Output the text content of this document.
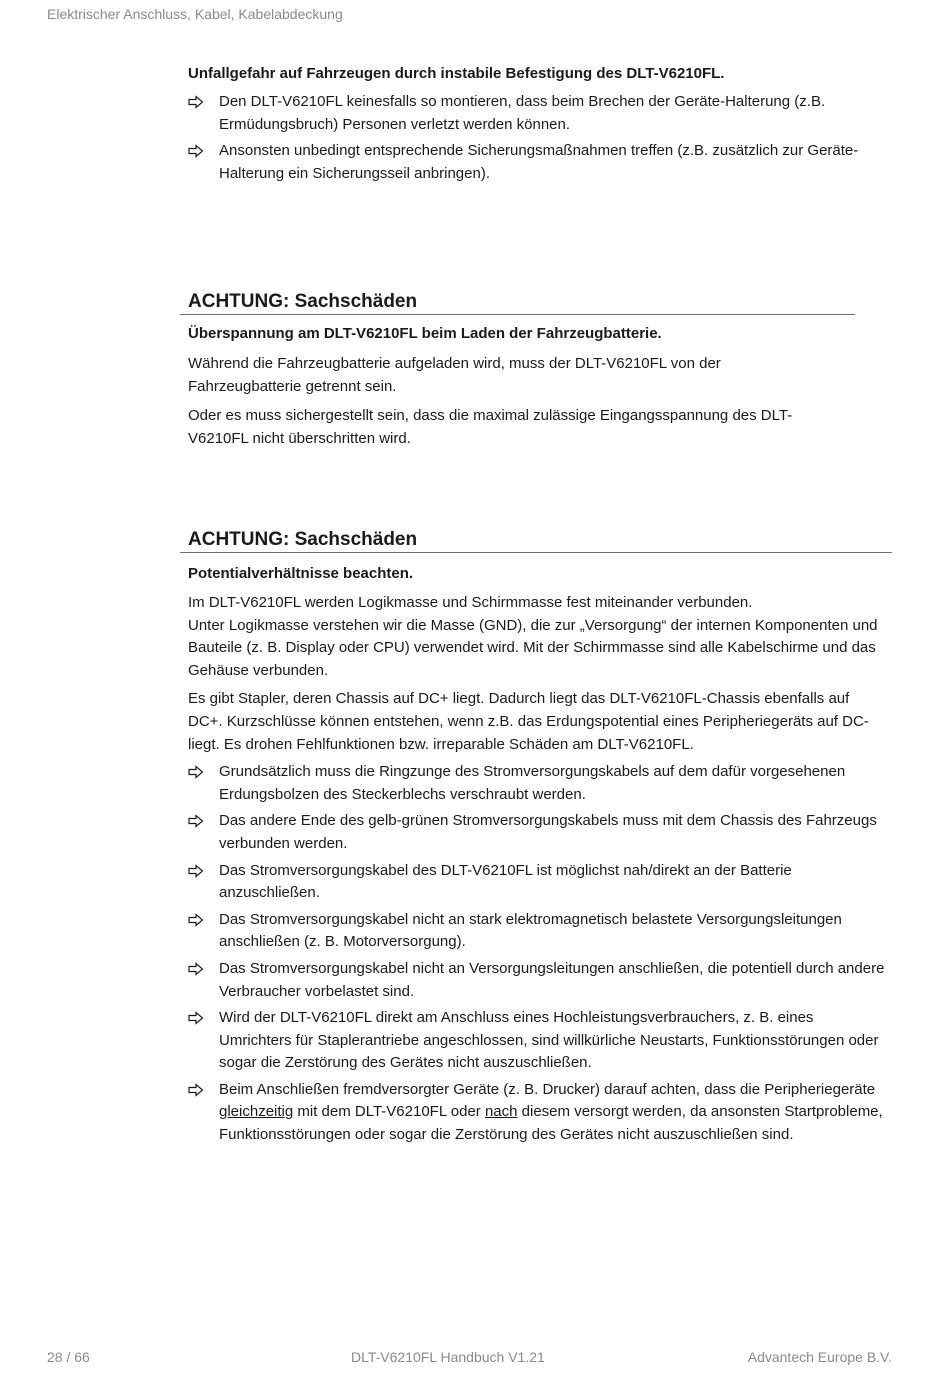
Elektrischer Anschluss, Kabel, Kabelabdeckung

Unfallgefahr auf Fahrzeugen durch instabile Befestigung des DLT-V6210FL.

Den DLT-V6210FL keinesfalls so montieren, dass beim Brechen der Geräte-Halterung (z.B. Ermüdungsbruch) Personen verletzt werden können.
Ansonsten unbedingt entsprechende Sicherungsmaßnahmen treffen (z.B. zusätzlich zur Geräte-Halterung ein Sicherungsseil anbringen).
ACHTUNG: Sachschäden

Überspannung am DLT-V6210FL beim Laden der Fahrzeugbatterie.

Während die Fahrzeugbatterie aufgeladen wird, muss der DLT-V6210FL von der Fahrzeugbatterie getrennt sein.

Oder es muss sichergestellt sein, dass die maximal zulässige Eingangsspannung des DLT-V6210FL nicht überschritten wird.

ACHTUNG: Sachschäden

Potentialverhältnisse beachten.

Im DLT-V6210FL werden Logikmasse und Schirmmasse fest miteinander verbunden.

Unter Logikmasse verstehen wir die Masse (GND), die zur „Versorgung“ der internen Komponenten und Bauteile (z. B. Display oder CPU) verwendet wird. Mit der Schirmmasse sind alle Kabelschirme und das Gehäuse verbunden.

Es gibt Stapler, deren Chassis auf DC+ liegt. Dadurch liegt das DLT-V6210FL-Chassis ebenfalls auf DC+. Kurzschlüsse können entstehen, wenn z.B. das Erdungspotential eines Peripheriegeräts auf DC- liegt. Es drohen Fehlfunktionen bzw. irreparable Schäden am DLT-V6210FL.

Grundsätzlich muss die Ringzunge des Stromversorgungskabels auf dem dafür vorgesehenen Erdungsbolzen des Steckerblechs verschraubt werden.
Das andere Ende des gelb-grünen Stromversorgungskabels muss mit dem Chassis des Fahrzeugs verbunden werden.
Das Stromversorgungskabel des DLT-V6210FL ist möglichst nah/direkt an der Batterie anzuschließen.
Das Stromversorgungskabel nicht an stark elektromagnetisch belastete Versorgungsleitungen anschließen (z. B. Motorversorgung).
Das Stromversorgungskabel nicht an Versorgungsleitungen anschließen, die potentiell durch andere Verbraucher vorbelastet sind.
Wird der DLT-V6210FL direkt am Anschluss eines Hochleistungsverbrauchers, z. B. eines Umrichters für Staplerantriebe angeschlossen, sind willkürliche Neustarts, Funktionsstörungen oder sogar die Zerstörung des Gerätes nicht auszuschließen.
Beim Anschließen fremdversorgter Geräte (z. B. Drucker) darauf achten, dass die Peripheriegeräte gleichzeitig mit dem DLT-V6210FL oder nach diesem versorgt werden, da ansonsten Startprobleme, Funktionsstörungen oder sogar die Zerstörung des Gerätes nicht auszuschließen sind.
28 / 66	DLT-V6210FL Handbuch V1.21	Advantech Europe B.V.
